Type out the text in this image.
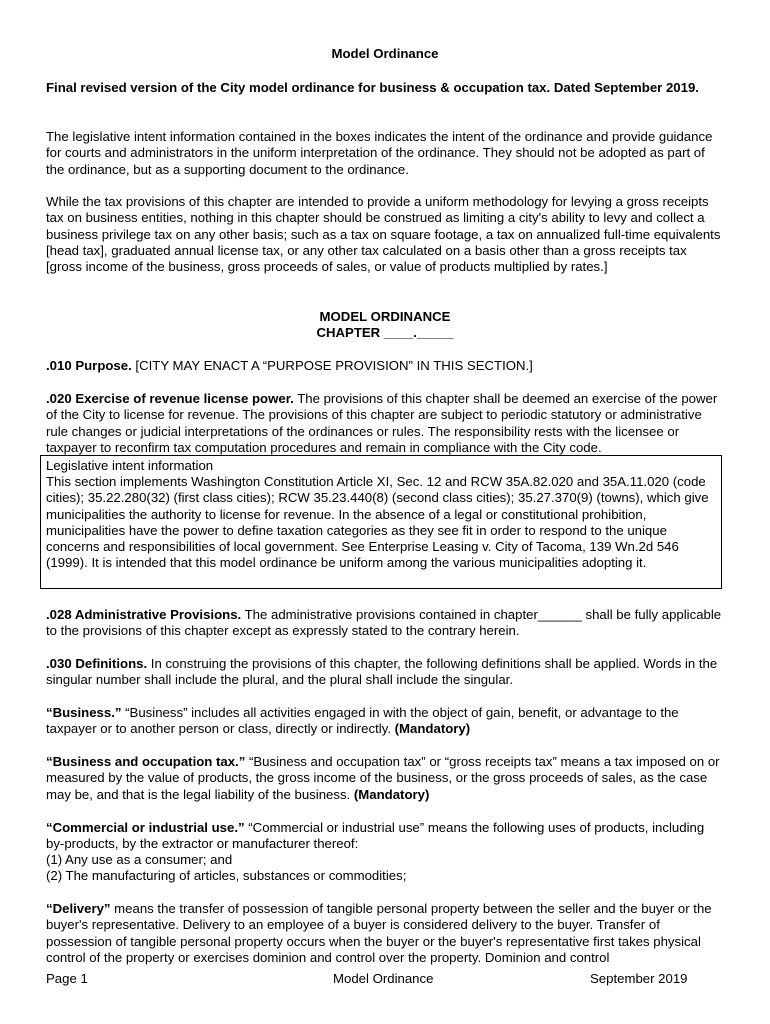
Model Ordinance

Final revised version of the City model ordinance for business & occupation tax. Dated September 2019.

The legislative intent information contained in the boxes indicates the intent of the ordinance and provide guidance for courts and administrators in the uniform interpretation of the ordinance. They should not be adopted as part of the ordinance, but as a supporting document to the ordinance.

While the tax provisions of this chapter are intended to provide a uniform methodology for levying a gross receipts tax on business entities, nothing in this chapter should be construed as limiting a city's ability to levy and collect a business privilege tax on any other basis; such as a tax on square footage, a tax on annualized full-time equivalents [head tax], graduated annual license tax, or any other tax calculated on a basis other than a gross receipts tax [gross income of the business, gross proceeds of sales, or value of products multiplied by rates.]

MODEL ORDINANCE

CHAPTER ____._____

.010 Purpose. [CITY MAY ENACT A “PURPOSE PROVISION” IN THIS SECTION.]

.020 Exercise of revenue license power. The provisions of this chapter shall be deemed an exercise of the power of the City to license for revenue. The provisions of this chapter are subject to periodic statutory or administrative rule changes or judicial interpretations of the ordinances or rules. The responsibility rests with the licensee or taxpayer to reconfirm tax computation procedures and remain in compliance with the City code.

Legislative intent information

This section implements Washington Constitution Article XI, Sec. 12 and RCW 35A.82.020 and 35A.11.020 (code cities); 35.22.280(32) (first class cities); RCW 35.23.440(8) (second class cities); 35.27.370(9) (towns), which give municipalities the authority to license for revenue. In the absence of a legal or constitutional prohibition, municipalities have the power to define taxation categories as they see fit in order to respond to the unique concerns and responsibilities of local government. See Enterprise Leasing v. City of Tacoma, 139 Wn.2d 546 (1999). It is intended that this model ordinance be uniform among the various municipalities adopting it.

.028 Administrative Provisions. The administrative provisions contained in chapter______ shall be fully applicable to the provisions of this chapter except as expressly stated to the contrary herein.

.030 Definitions. In construing the provisions of this chapter, the following definitions shall be applied. Words in the singular number shall include the plural, and the plural shall include the singular.

“Business.” “Business” includes all activities engaged in with the object of gain, benefit, or advantage to the taxpayer or to another person or class, directly or indirectly. (Mandatory)

“Business and occupation tax.” “Business and occupation tax” or “gross receipts tax” means a tax imposed on or measured by the value of products, the gross income of the business, or the gross proceeds of sales, as the case may be, and that is the legal liability of the business. (Mandatory)

“Commercial or industrial use.” “Commercial or industrial use” means the following uses of products, including by-products, by the extractor or manufacturer thereof:

(1) Any use as a consumer; and

(2) The manufacturing of articles, substances or commodities;

“Delivery” means the transfer of possession of tangible personal property between the seller and the buyer or the buyer's representative. Delivery to an employee of a buyer is considered delivery to the buyer. Transfer of possession of tangible personal property occurs when the buyer or the buyer's representative first takes physical control of the property or exercises dominion and control over the property. Dominion and control

Page 1	Model Ordinance	September 2019
